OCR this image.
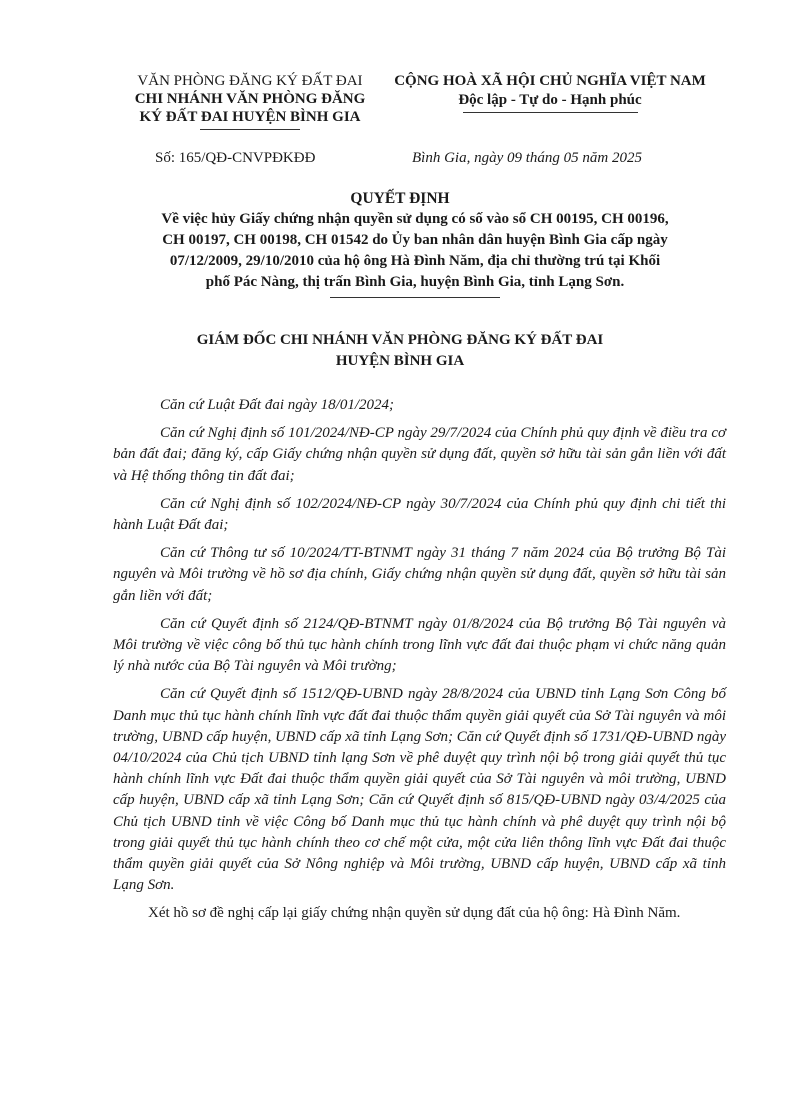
VĂN PHÒNG ĐĂNG KÝ ĐẤT ĐAI
CHI NHÁNH VĂN PHÒNG ĐĂNG
KÝ ĐẤT ĐAI HUYỆN BÌNH GIA
CỘNG HOÀ XÃ HỘI CHỦ NGHĨA VIỆT NAM
Độc lập - Tự do - Hạnh phúc
Số: 165/QĐ-CNVPĐKĐĐ	Bình Gia, ngày 09 tháng 05 năm 2025
QUYẾT ĐỊNH
Về việc hủy Giấy chứng nhận quyền sử dụng có số vào sổ CH 00195, CH 00196,
CH 00197, CH 00198, CH 01542 do Ủy ban nhân dân huyện Bình Gia cấp ngày
07/12/2009, 29/10/2010 của hộ ông Hà Đình Năm, địa chỉ thường trú tại Khối
phố Pác Nàng, thị trấn Bình Gia, huyện Bình Gia, tỉnh Lạng Sơn.
GIÁM ĐỐC CHI NHÁNH VĂN PHÒNG ĐĂNG KÝ ĐẤT ĐAI
HUYỆN BÌNH GIA

Căn cứ Luật Đất đai ngày 18/01/2024;

Căn cứ Nghị định số 101/2024/NĐ-CP ngày 29/7/2024 của Chính phủ quy định về điều tra cơ bản đất đai; đăng ký, cấp Giấy chứng nhận quyền sử dụng đất, quyền sở hữu tài sản gắn liền với đất và Hệ thống thông tin đất đai;

Căn cứ Nghị định số 102/2024/NĐ-CP ngày 30/7/2024 của Chính phủ quy định chi tiết thi hành Luật Đất đai;

Căn cứ Thông tư số 10/2024/TT-BTNMT ngày 31 tháng 7 năm 2024 của Bộ trưởng Bộ Tài nguyên và Môi trường về hồ sơ địa chính, Giấy chứng nhận quyền sử dụng đất, quyền sở hữu tài sản gắn liền với đất;

Căn cứ Quyết định số 2124/QĐ-BTNMT ngày 01/8/2024 của Bộ trưởng Bộ Tài nguyên và Môi trường về việc công bố thủ tục hành chính trong lĩnh vực đất đai thuộc phạm vi chức năng quản lý nhà nước của Bộ Tài nguyên và Môi trường;

Căn cứ Quyết định số 1512/QĐ-UBND ngày 28/8/2024 của UBND tỉnh Lạng Sơn Công bố Danh mục thủ tục hành chính lĩnh vực đất đai thuộc thẩm quyền giải quyết của Sở Tài nguyên và môi trường, UBND cấp huyện, UBND cấp xã tỉnh Lạng Sơn; Căn cứ Quyết định số 1731/QĐ-UBND ngày 04/10/2024 của Chủ tịch UBND tỉnh lạng Sơn về phê duyệt quy trình nội bộ trong giải quyết thủ tục hành chính lĩnh vực Đất đai thuộc thẩm quyền giải quyết của Sở Tài nguyên và môi trường, UBND cấp huyện, UBND cấp xã tỉnh Lạng Sơn; Căn cứ Quyết định số 815/QĐ-UBND ngày 03/4/2025 của Chủ tịch UBND tỉnh về việc Công bố Danh mục thủ tục hành chính và phê duyệt quy trình nội bộ trong giải quyết thủ tục hành chính theo cơ chế một cửa, một cửa liên thông lĩnh vực Đất đai thuộc thẩm quyền giải quyết của Sở Nông nghiệp và Môi trường, UBND cấp huyện, UBND cấp xã tỉnh Lạng Sơn.

Xét hồ sơ đề nghị cấp lại giấy chứng nhận quyền sử dụng đất của hộ ông: Hà Đình Năm.
